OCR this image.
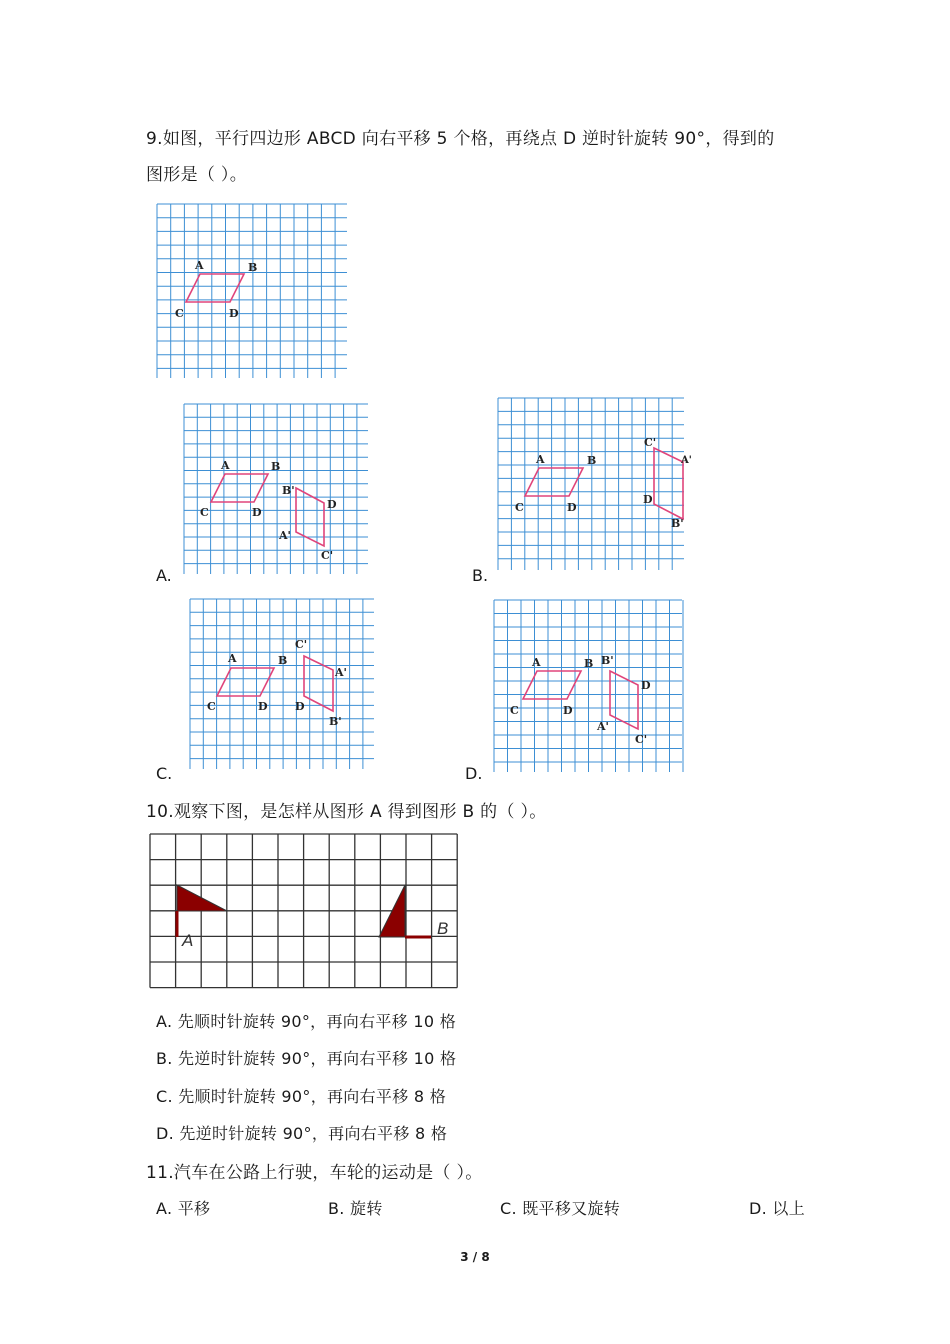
9.如图，平行四边形 ABCD 向右平移 5 个格，再绕点 D 逆时针旋转 90°，得到的
图形是（ ）。
A	B
C	D
A	B
C	D
B'
D
A'
C'
A.
A	B
C	D
C'
A'
D
B'
B.
A	B
C	D
C'
A'
D
B'
C.
A	B
C	D
B'
D
A'
C'
D.
10.观察下图，是怎样从图形 A 得到图形 B 的（ ）。
A
B
A. 先顺时针旋转 90°，再向右平移 10 格
B. 先逆时针旋转 90°，再向右平移 10 格
C. 先顺时针旋转 90°，再向右平移 8 格
D. 先逆时针旋转 90°，再向右平移 8 格
11.汽车在公路上行驶，车轮的运动是（ ）。
A. 平移	B. 旋转	C. 既平移又旋转	D. 以上
3 / 8
